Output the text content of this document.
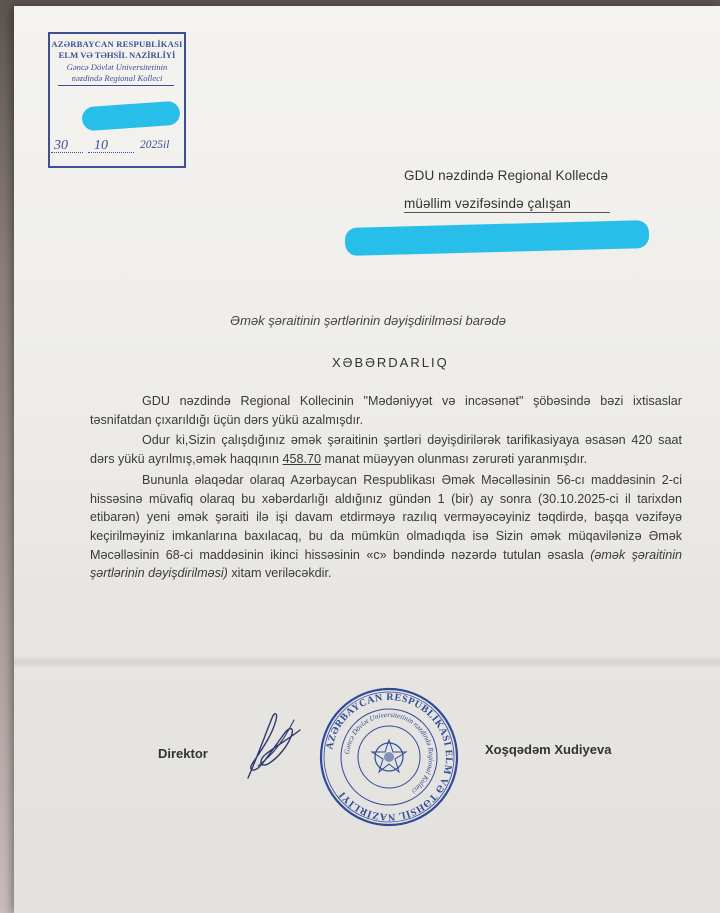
AZƏRBAYCAN RESPUBLİKASI
ELM VƏ TƏHSİL NAZİRLİYİ
Gəncə Dövlət Universitetinin
nəzdində Regional Kolleci
30 10	2025il
GDU nəzdində Regional Kollecdə
müəllim vəzifəsində çalışan
Əmək şəraitinin şərtlərinin dəyişdirilməsi barədə
XƏBƏRDARLIQ

GDU nəzdində Regional Kollecinin "Mədəniyyət və incəsənət" şöbəsində bəzi ixtisaslar təsnifatdan çıxarıldığı üçün dərs yükü azalmışdır.

Odur ki,Sizin çalışdığınız əmək şəraitinin şərtləri dəyişdirilərək tarifikasiyaya əsasən 420 saat dərs yükü ayrılmış,əmək haqqının 458.70 manat müəyyən olunması zərurəti yaranmışdır.

Bununla əlaqədar olaraq Azərbaycan Respublikası Əmək Məcəlləsinin 56-cı maddəsinin 2-ci hissəsinə müvafiq olaraq bu xəbərdarlığı aldığınız gündən 1 (bir) ay sonra (30.10.2025-ci il tarixdən etibarən) yeni əmək şəraiti ilə işi davam etdirməyə razılıq verməyəcəyiniz təqdirdə, başqa vəzifəyə keçirilməyiniz imkanlarına baxılacaq, bu da mümkün olmadıqda isə Sizin əmək müqavilənizə Əmək Məcəlləsinin 68-ci maddəsinin ikinci hissəsinin «c» bəndində nəzərdə tutulan əsasla (əmək şəraitinin şərtlərinin dəyişdirilməsi) xitam veriləcəkdir.

Direktor
AZƏRBAYCAN RESPUBLİKASI ELM VƏ TƏHSİL NAZİRLİYİ
Gəncə Dövlət Universitetinin nəzdində Regional Kolleci
Xoşqədəm Xudiyeva
